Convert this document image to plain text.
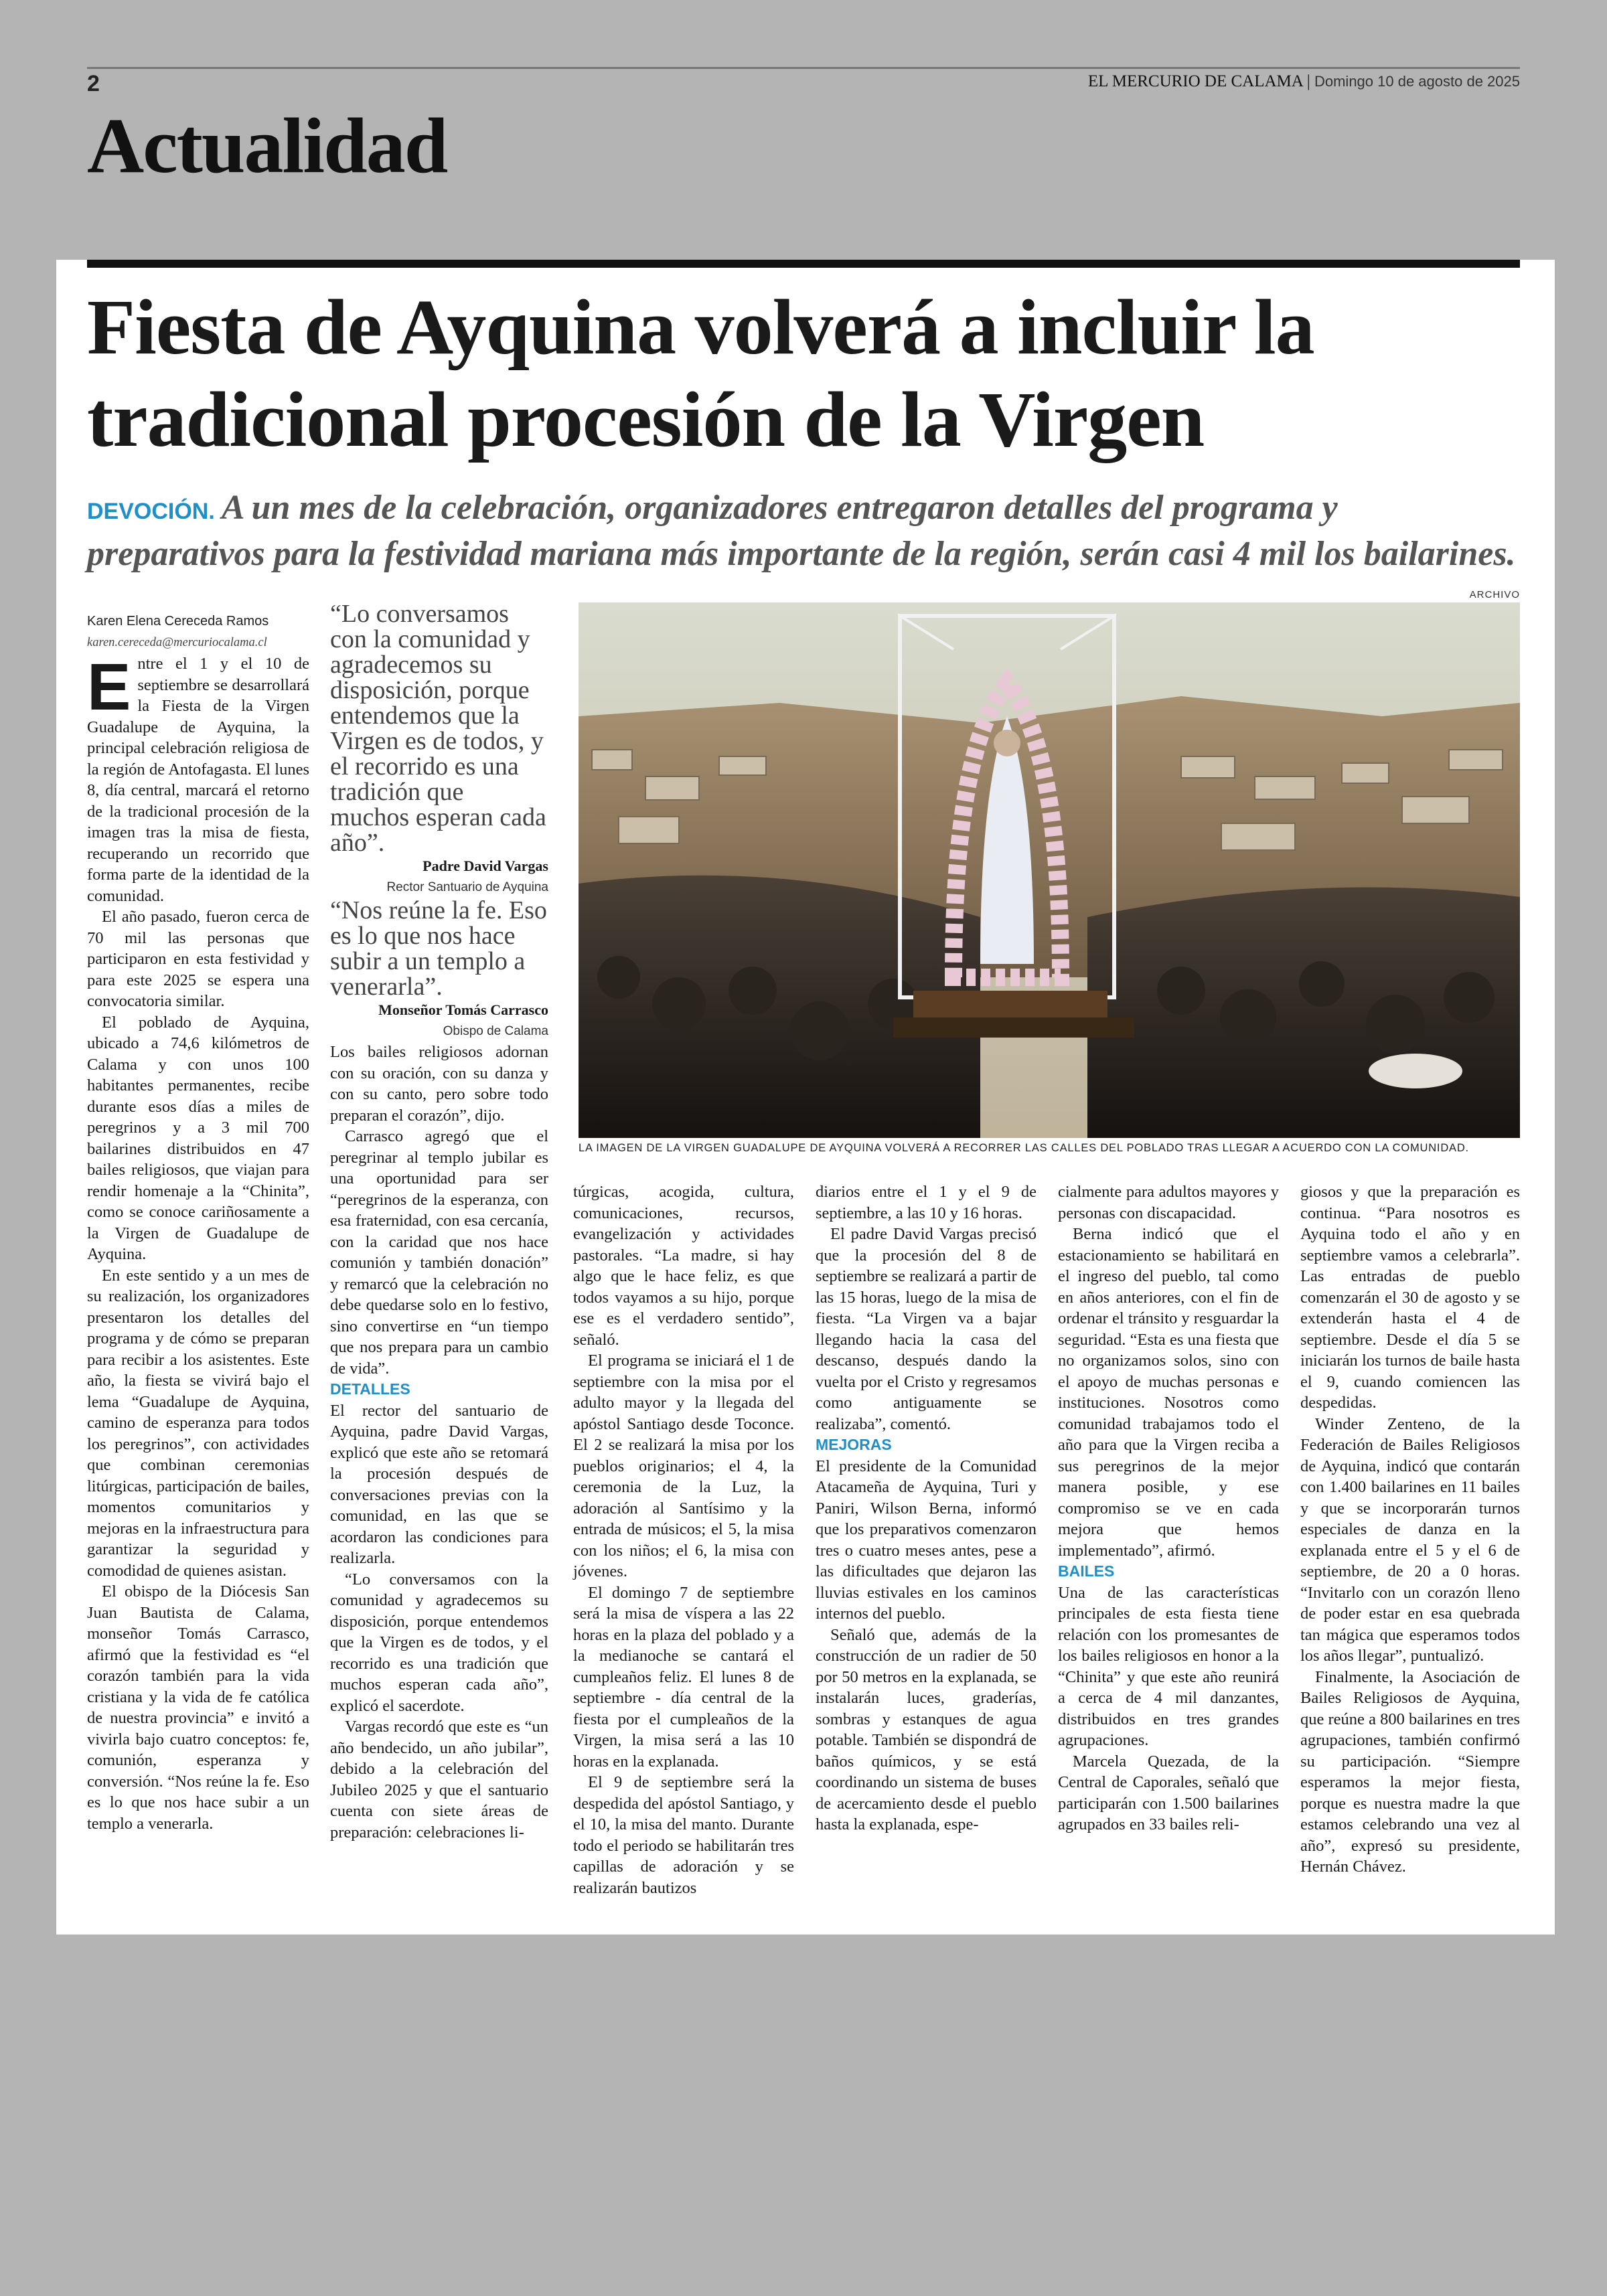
2	EL MERCURIO DE CALAMA | Domingo 10 de agosto de 2025
Actualidad
Fiesta de Ayquina volverá a incluir la tradicional procesión de la Virgen

DEVOCIÓN. A un mes de la celebración, organizadores entregaron detalles del programa y preparativos para la festividad mariana más importante de la región, serán casi 4 mil los bailarines.

ARCHIVO
LA IMAGEN DE LA VIRGEN GUADALUPE DE AYQUINA VOLVERÁ A RECORRER LAS CALLES DEL POBLADO TRAS LLEGAR A ACUERDO CON LA COMUNIDAD.

Karen Elena Cereceda Ramos

karen.cereceda@mercuriocalama.cl

Entre el 1 y el 10 de septiembre se desarrollará la Fiesta de la Virgen Guadalupe de Ayquina, la principal celebración religiosa de la región de Antofagasta. El lunes 8, día central, marcará el retorno de la tradicional procesión de la imagen tras la misa de fiesta, recuperando un recorrido que forma parte de la identidad de la comunidad.

El año pasado, fueron cerca de 70 mil las personas que participaron en esta festividad y para este 2025 se espera una convocatoria similar.

El poblado de Ayquina, ubicado a 74,6 kilómetros de Calama y con unos 100 habitantes permanentes, recibe durante esos días a miles de peregrinos y a 3 mil 700 bailarines distribuidos en 47 bailes religiosos, que viajan para rendir homenaje a la “Chinita”, como se conoce cariñosamente a la Virgen de Guadalupe de Ayquina.

En este sentido y a un mes de su realización, los organizadores presentaron los detalles del programa y de cómo se preparan para recibir a los asistentes. Este año, la fiesta se vivirá bajo el lema “Guadalupe de Ayquina, camino de esperanza para todos los peregrinos”, con actividades que combinan ceremonias litúrgicas, participación de bailes, momentos comunitarios y mejoras en la infraestructura para garantizar la seguridad y comodidad de quienes asistan.

El obispo de la Diócesis San Juan Bautista de Calama, monseñor Tomás Carrasco, afirmó que la festividad es “el corazón también para la vida cristiana y la vida de fe católica de nuestra provincia” e invitó a vivirla bajo cuatro conceptos: fe, comunión, esperanza y conversión. “Nos reúne la fe. Eso es lo que nos hace subir a un templo a venerarla.

“Lo conversamos con la comunidad y agradecemos su disposición, porque entendemos que la Virgen es de todos, y el recorrido es una tradición que muchos esperan cada año”.

Padre David Vargas

Rector Santuario de Ayquina

“Nos reúne la fe. Eso es lo que nos hace subir a un templo a venerarla”.

Monseñor Tomás Carrasco

Obispo de Calama

Los bailes religiosos adornan con su oración, con su danza y con su canto, pero sobre todo preparan el corazón”, dijo.

Carrasco agregó que el peregrinar al templo jubilar es una oportunidad para ser “peregrinos de la esperanza, con esa fraternidad, con esa cercanía, con la caridad que nos hace comunión y también donación” y remarcó que la celebración no debe quedarse solo en lo festivo, sino convertirse en “un tiempo que nos prepara para un cambio de vida”.

DETALLES

El rector del santuario de Ayquina, padre David Vargas, explicó que este año se retomará la procesión después de conversaciones previas con la comunidad, en las que se acordaron las condiciones para realizarla.

“Lo conversamos con la comunidad y agradecemos su disposición, porque entendemos que la Virgen es de todos, y el recorrido es una tradición que muchos esperan cada año”, explicó el sacerdote.

Vargas recordó que este es “un año bendecido, un año jubilar”, debido a la celebración del Jubileo 2025 y que el santuario cuenta con siete áreas de preparación: celebraciones li-

túrgicas, acogida, cultura, comunicaciones, recursos, evangelización y actividades pastorales. “La madre, si hay algo que le hace feliz, es que todos vayamos a su hijo, porque ese es el verdadero sentido”, señaló.

El programa se iniciará el 1 de septiembre con la misa por el adulto mayor y la llegada del apóstol Santiago desde Toconce. El 2 se realizará la misa por los pueblos originarios; el 4, la ceremonia de la Luz, la adoración al Santísimo y la entrada de músicos; el 5, la misa con los niños; el 6, la misa con jóvenes.

El domingo 7 de septiembre será la misa de víspera a las 22 horas en la plaza del poblado y a la medianoche se cantará el cumpleaños feliz. El lunes 8 de septiembre - día central de la fiesta por el cumpleaños de la Virgen, la misa será a las 10 horas en la explanada.

El 9 de septiembre será la despedida del apóstol Santiago, y el 10, la misa del manto. Durante todo el periodo se habilitarán tres capillas de adoración y se realizarán bautizos

diarios entre el 1 y el 9 de septiembre, a las 10 y 16 horas.

El padre David Vargas precisó que la procesión del 8 de septiembre se realizará a partir de las 15 horas, luego de la misa de fiesta. “La Virgen va a bajar llegando hacia la casa del descanso, después dando la vuelta por el Cristo y regresamos como antiguamente se realizaba”, comentó.

MEJORAS

El presidente de la Comunidad Atacameña de Ayquina, Turi y Paniri, Wilson Berna, informó que los preparativos comenzaron tres o cuatro meses antes, pese a las dificultades que dejaron las lluvias estivales en los caminos internos del pueblo.

Señaló que, además de la construcción de un radier de 50 por 50 metros en la explanada, se instalarán luces, graderías, sombras y estanques de agua potable. También se dispondrá de baños químicos, y se está coordinando un sistema de buses de acercamiento desde el pueblo hasta la explanada, espe-

cialmente para adultos mayores y personas con discapacidad.

Berna indicó que el estacionamiento se habilitará en el ingreso del pueblo, tal como en años anteriores, con el fin de ordenar el tránsito y resguardar la seguridad. “Esta es una fiesta que no organizamos solos, sino con el apoyo de muchas personas e instituciones. Nosotros como comunidad trabajamos todo el año para que la Virgen reciba a sus peregrinos de la mejor manera posible, y ese compromiso se ve en cada mejora que hemos implementado”, afirmó.

BAILES

Una de las características principales de esta fiesta tiene relación con los promesantes de los bailes religiosos en honor a la “Chinita” y que este año reunirá a cerca de 4 mil danzantes, distribuidos en tres grandes agrupaciones.

Marcela Quezada, de la Central de Caporales, señaló que participarán con 1.500 bailarines agrupados en 33 bailes reli-

giosos y que la preparación es continua. “Para nosotros es Ayquina todo el año y en septiembre vamos a celebrarla”. Las entradas de pueblo comenzarán el 30 de agosto y se extenderán hasta el 4 de septiembre. Desde el día 5 se iniciarán los turnos de baile hasta el 9, cuando comiencen las despedidas.

Winder Zenteno, de la Federación de Bailes Religiosos de Ayquina, indicó que contarán con 1.400 bailarines en 11 bailes y que se incorporarán turnos especiales de danza en la explanada entre el 5 y el 6 de septiembre, de 20 a 0 horas. “Invitarlo con un corazón lleno de poder estar en esa quebrada tan mágica que esperamos todos los años llegar”, puntualizó.

Finalmente, la Asociación de Bailes Religiosos de Ayquina, que reúne a 800 bailarines en tres agrupaciones, también confirmó su participación. “Siempre esperamos la mejor fiesta, porque es nuestra madre la que estamos celebrando una vez al año”, expresó su presidente, Hernán Chávez.
